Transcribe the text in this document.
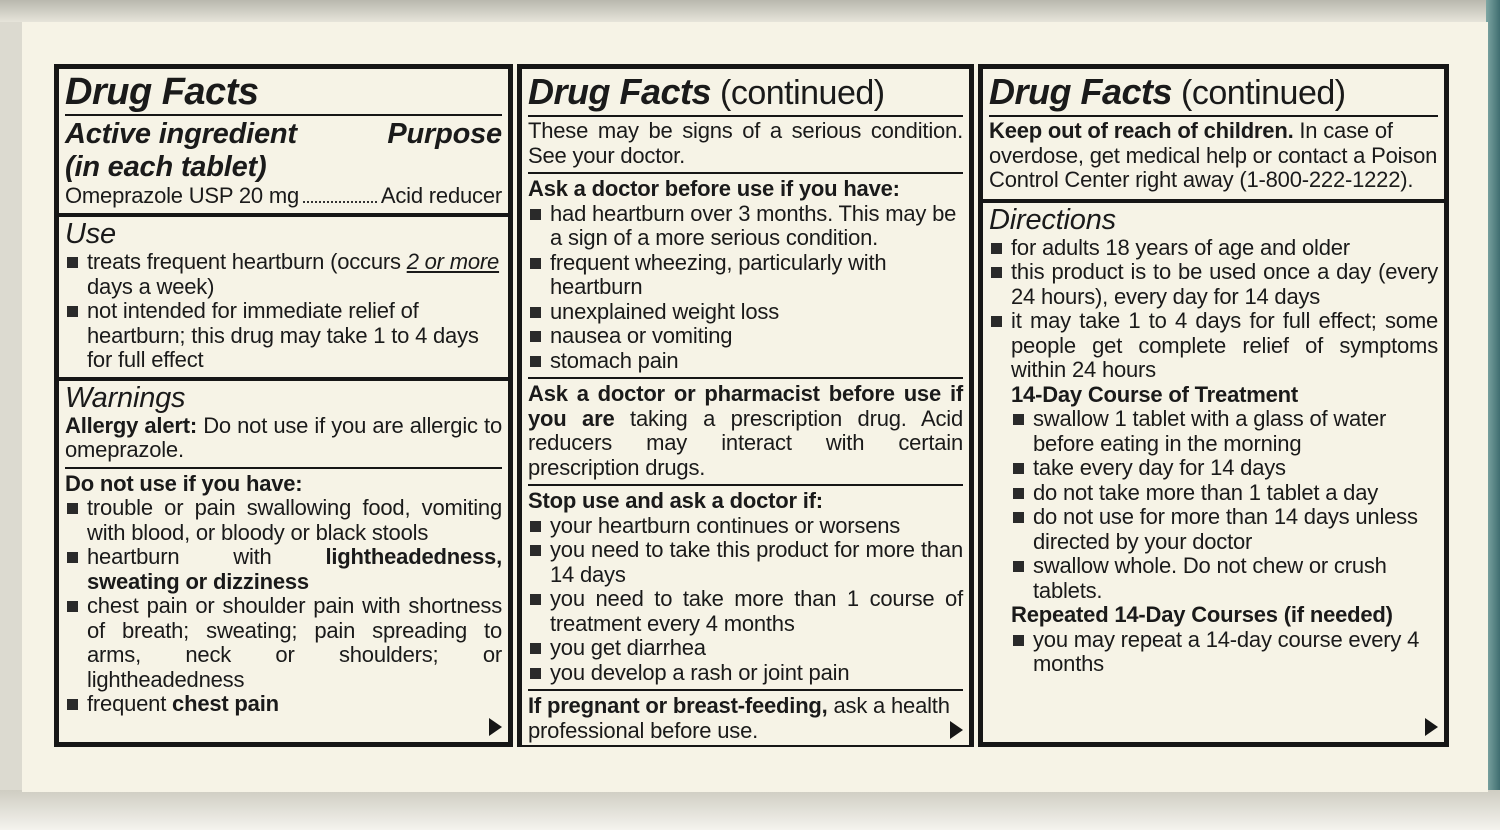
Drug Facts
Active ingredient
(in each tablet)
Purpose
Omeprazole USP 20 mg	Acid reducer
Use
treats frequent heartburn (occurs 2 or more days a week)
not intended for immediate relief of heartburn; this drug may take 1 to 4 days for full effect
Warnings
Allergy alert: Do not use if you are allergic to omeprazole.
Do not use if you have:
trouble or pain swallowing food, vomiting with blood, or bloody or black stools
heartburn with lightheadedness, sweating or dizziness
chest pain or shoulder pain with shortness of breath; sweating; pain spreading to arms, neck or shoulders; or lightheadedness
frequent chest pain
Drug Facts (continued)
These may be signs of a serious condition. See your doctor.
Ask a doctor before use if you have:
had heartburn over 3 months. This may be a sign of a more serious condition.
frequent wheezing, particularly with heartburn
unexplained weight loss
nausea or vomiting
stomach pain
Ask a doctor or pharmacist before use if you are taking a prescription drug. Acid reducers may interact with certain prescription drugs.
Stop use and ask a doctor if:
your heartburn continues or worsens
you need to take this product for more than 14 days
you need to take more than 1 course of treatment every 4 months
you get diarrhea
you develop a rash or joint pain
If pregnant or breast-feeding, ask a health professional before use.
Drug Facts (continued)
Keep out of reach of children. In case of overdose, get medical help or contact a Poison Control Center right away (1-800-222-1222).
Directions
for adults 18 years of age and older
this product is to be used once a day (every 24 hours), every day for 14 days
it may take 1 to 4 days for full effect; some people get complete relief of symptoms within 24 hours
14-Day Course of Treatment
swallow 1 tablet with a glass of water before eating in the morning
take every day for 14 days
do not take more than 1 tablet a day
do not use for more than 14 days unless directed by your doctor
swallow whole. Do not chew or crush tablets.
Repeated 14-Day Courses (if needed)
you may repeat a 14-day course every 4 months
